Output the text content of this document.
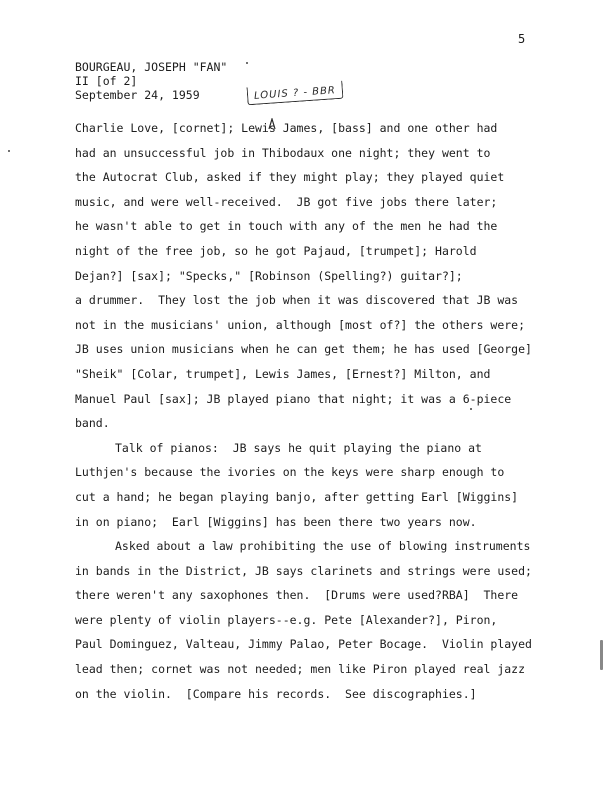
5
BOURGEAU, JOSEPH "FAN"
II [of 2]
September 24, 1959	LOUIS ? - BBR
Charlie Love, [cornet]; Lewis James, [bass] and one other had
had an unsuccessful job in Thibodaux one night; they went to
the Autocrat Club, asked if they might play; they played quiet
music, and were well-received.  JB got five jobs there later;
he wasn't able to get in touch with any of the men he had the
night of the free job, so he got Pajaud, [trumpet]; Harold
Dejan?] [sax]; "Specks," [Robinson (Spelling?) guitar?];
a drummer.  They lost the job when it was discovered that JB was
not in the musicians' union, although [most of?] the others were;
JB uses union musicians when he can get them; he has used [George]
"Sheik" [Colar, trumpet], Lewis James, [Ernest?] Milton, and
Manuel Paul [sax]; JB played piano that night; it was a 6-piece
band.
Talk of pianos:  JB says he quit playing the piano at
Luthjen's because the ivories on the keys were sharp enough to
cut a hand; he began playing banjo, after getting Earl [Wiggins]
in on piano;  Earl [Wiggins] has been there two years now.
Asked about a law prohibiting the use of blowing instruments
in bands in the District, JB says clarinets and strings were used;
there weren't any saxophones then.  [Drums were used?RBA]  There
were plenty of violin players--e.g. Pete [Alexander?], Piron,
Paul Dominguez, Valteau, Jimmy Palao, Peter Bocage.  Violin played
lead then; cornet was not needed; men like Piron played real jazz
on the violin.  [Compare his records.  See discographies.]
